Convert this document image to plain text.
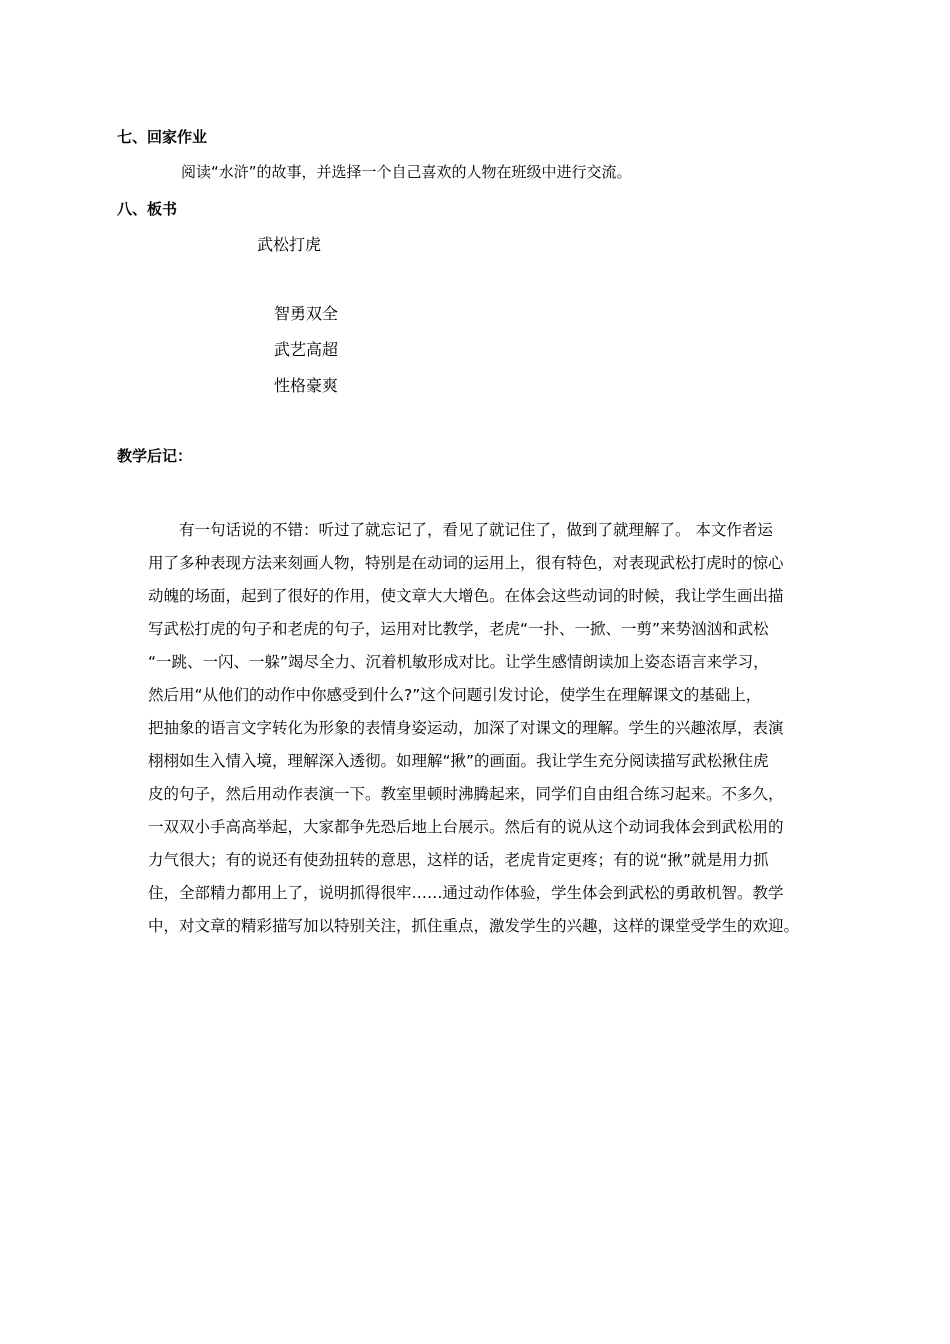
七、回家作业
阅读“水浒”的故事，并选择一个自己喜欢的人物在班级中进行交流。
八、板书
武松打虎
智勇双全
武艺高超
性格豪爽
教学后记：
　　有一句话说的不错：听过了就忘记了，看见了就记住了，做到了就理解了。 本文作者运
用了多种表现方法来刻画人物，特别是在动词的运用上，很有特色，对表现武松打虎时的惊心
动魄的场面，起到了很好的作用，使文章大大增色。在体会这些动词的时候，我让学生画出描
写武松打虎的句子和老虎的句子，运用对比教学，老虎“一扑、一掀、一剪”来势汹汹和武松
“一跳、一闪、一躲”竭尽全力、沉着机敏形成对比。让学生感情朗读加上姿态语言来学习，
然后用“从他们的动作中你感受到什么?”这个问题引发讨论，使学生在理解课文的基础上，
把抽象的语言文字转化为形象的表情身姿运动，加深了对课文的理解。学生的兴趣浓厚，表演
栩栩如生入情入境，理解深入透彻。如理解“揪”的画面。我让学生充分阅读描写武松揪住虎
皮的句子，然后用动作表演一下。教室里顿时沸腾起来，同学们自由组合练习起来。不多久，
一双双小手高高举起，大家都争先恐后地上台展示。然后有的说从这个动词我体会到武松用的
力气很大；有的说还有使劲扭转的意思，这样的话，老虎肯定更疼；有的说“揪”就是用力抓
住，全部精力都用上了，说明抓得很牢……通过动作体验，学生体会到武松的勇敢机智。教学
中，对文章的精彩描写加以特别关注，抓住重点，激发学生的兴趣，这样的课堂受学生的欢迎。
